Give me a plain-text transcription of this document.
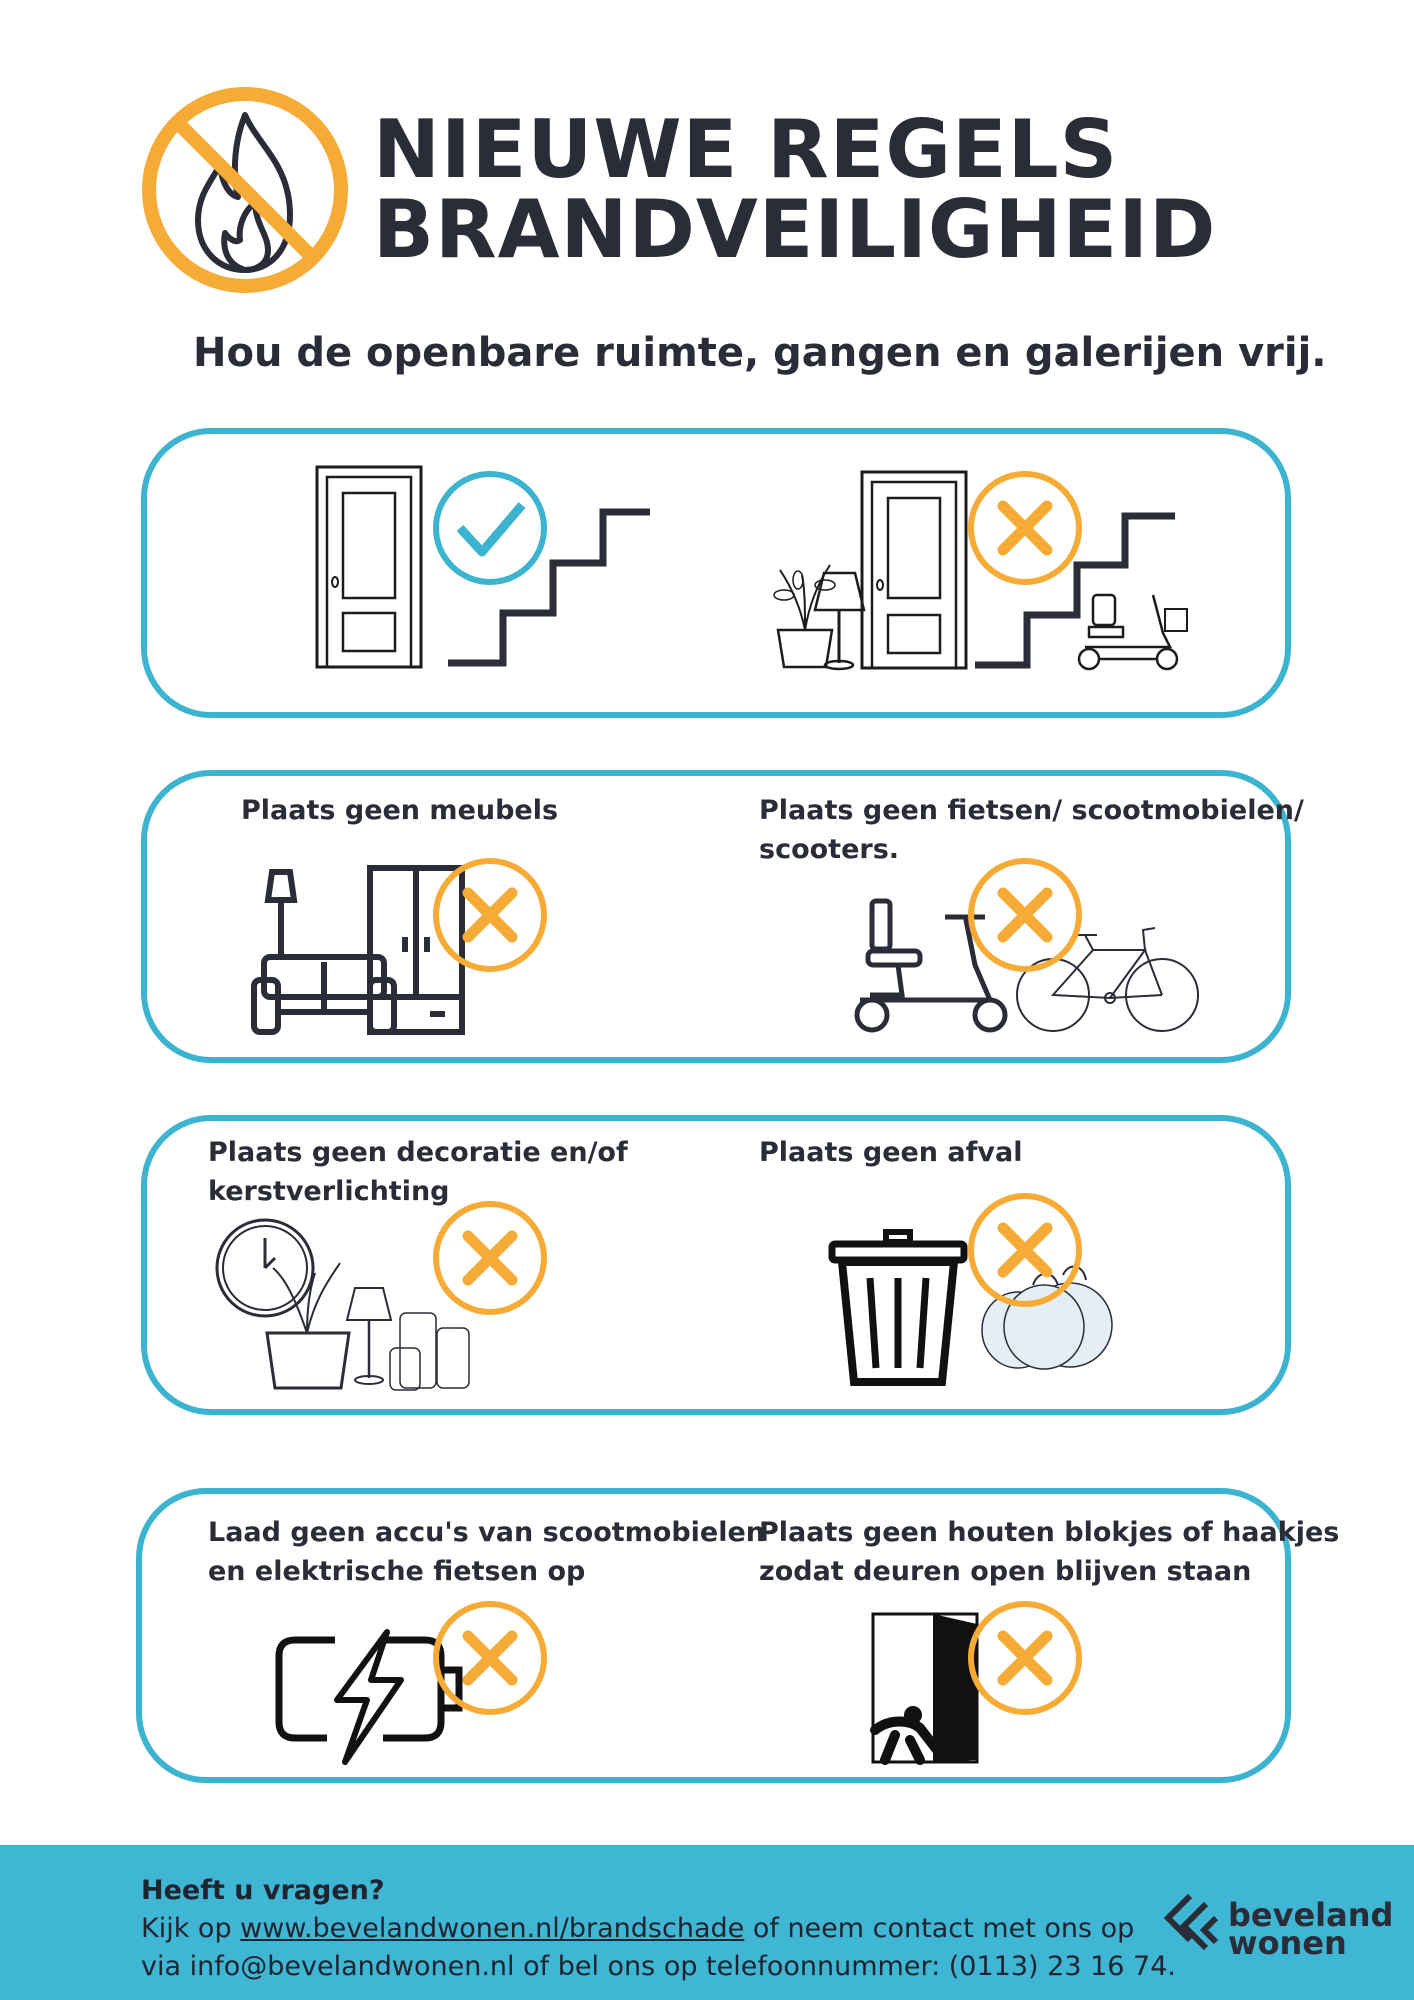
NIEUWE REGELS
BRANDVEILIGHEID
Hou de openbare ruimte, gangen en galerijen vrij.
Plaats geen meubels	Plaats geen fietsen/ scootmobielen/
scooters.
Plaats geen decoratie en/of
kerstverlichting
Plaats geen afval
Laad geen accu's van scootmobielen
en elektrische fietsen op
Plaats geen houten blokjes of haakjes
zodat deuren open blijven staan
Heeft u vragen?
Kijk op www.bevelandwonen.nl/brandschade of neem contact met ons op
via info@bevelandwonen.nl of bel ons op telefoonnummer: (0113) 23 16 74.
beveland
wonen
